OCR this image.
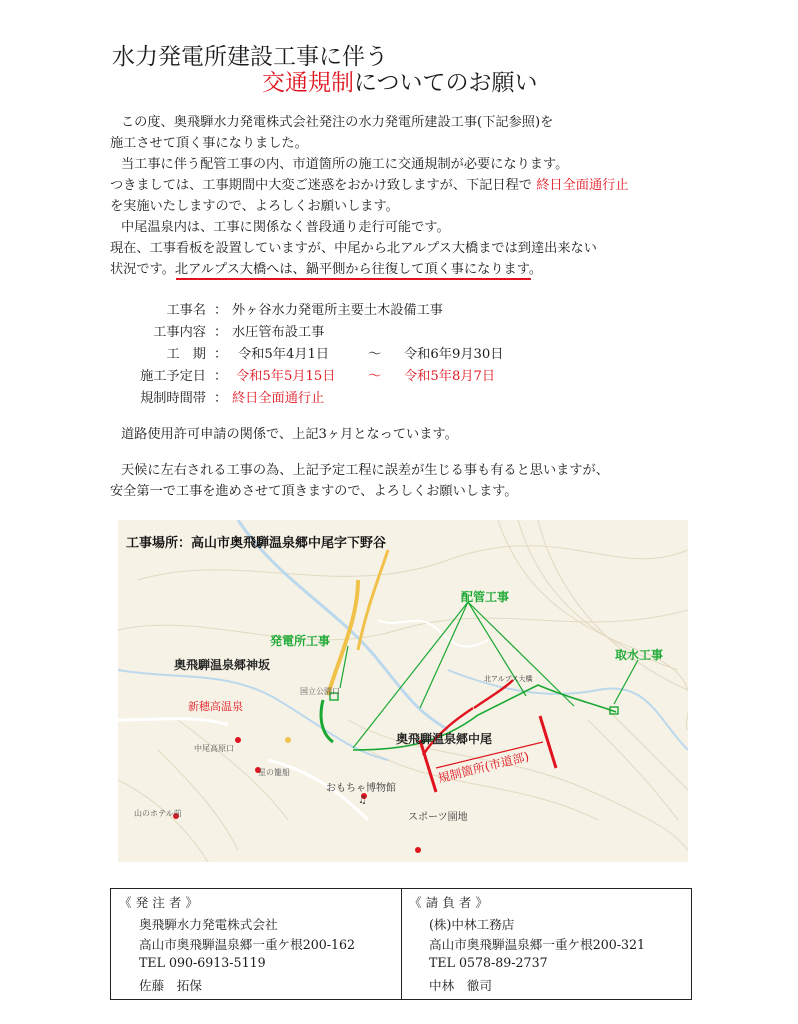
水力発電所建設工事に伴う
交通規制についてのお願い
この度、奥飛騨水力発電株式会社発注の水力発電所建設工事(下記参照)を
施工させて頂く事になりました。
当工事に伴う配管工事の内、市道箇所の施工に交通規制が必要になります。
つきましては、工事期間中大変ご迷惑をおかけ致しますが、下記日程で 終日全面通行止
を実施いたしますので、よろしくお願いします。
中尾温泉内は、工事に関係なく普段通り走行可能です。
現在、工事看板を設置していますが、中尾から北アルプス大橋までは到達出来ない
状況です。北アルプス大橋へは、鍋平側から往復して頂く事になります。
工事名 ： 外ヶ谷水力発電所主要土木設備工事
工事内容 ： 水圧管布設工事
工　期 ： 令和5年4月1日	～ 令和6年9月30日
施工予定日 ： 令和5年5月15日 ～ 令和5年8月7日
規制時間帯 ： 終日全面通行止
道路使用許可申請の関係で、上記3ヶ月となっています。
天候に左右される工事の為、上記予定工程に誤差が生じる事も有ると思いますが、
安全第一で工事を進めさせて頂きますので、よろしくお願いします。
工事場所：高山市奥飛騨温泉郷中尾字下野谷
配管工事
発電所工事
取水工事
奥飛騨温泉郷神坂
新穂高温泉
奥飛騨温泉郷中尾
国立公園口
中尾高原口
星の籠船
おもちゃ博物館
♫
スポーツ園地
山のホテル前
北アルプス大橋
規制箇所(市道部)
《 発 注 者 》
奥飛騨水力発電株式会社
高山市奥飛騨温泉郷一重ケ根200-162
TEL 090-6913-5119
佐藤　拓保
《 請 負 者 》
(株)中林工務店
高山市奥飛騨温泉郷一重ケ根200-321
TEL 0578-89-2737
中林　徹司
